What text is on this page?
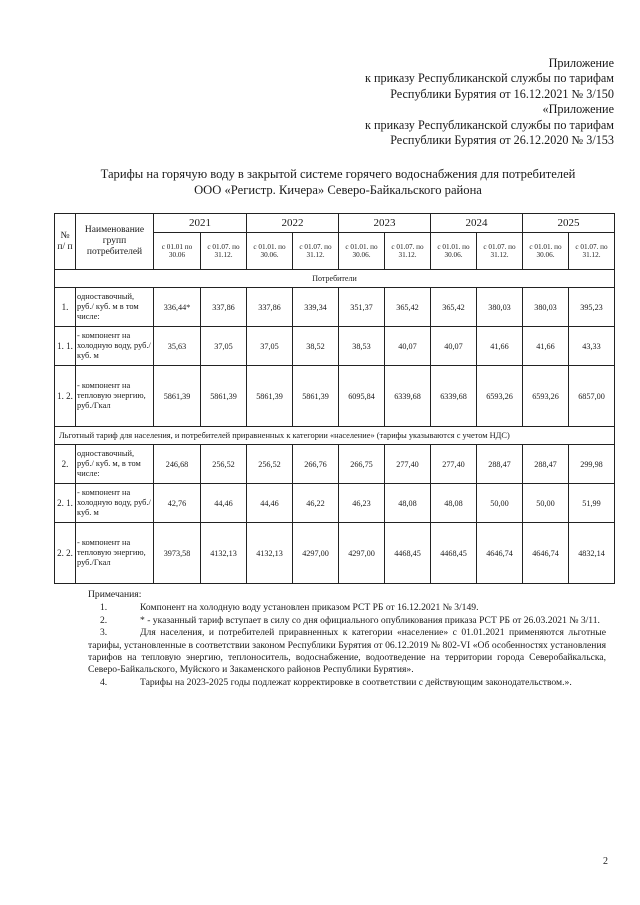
Приложение
к приказу Республиканской службы по тарифам
Республики Бурятия от 16.12.2021 № 3/150
«Приложение
к приказу Республиканской службы по тарифам
Республики Бурятия от 26.12.2020 № 3/153
Тарифы на горячую воду в закрытой системе горячего водоснабжения для потребителей
ООО «Регистр. Кичера» Северо-Байкальского района
№ п/ п	Наименование групп потребителей	2021		2022		2023		2024		2025	
		с 01.01 по 30.06	с 01.07. по 31.12.	с 01.01. по 30.06.	с 01.07. по 31.12.	с 01.01. по 30.06.	с 01.07. по 31.12.	с 01.01. по 30.06.	с 01.07. по 31.12.	с 01.01. по 30.06.	с 01.07. по 31.12.
Потребители											
1.	одноставочный, руб./ куб. м в том числе:	336,44*	337,86	337,86	339,34	351,37	365,42	365,42	380,03	380,03	395,23
1. 1.	- компонент на холодную воду, руб./ куб. м	35,63	37,05	37,05	38,52	38,53	40,07	40,07	41,66	41,66	43,33
1. 2.	- компонент на тепловую энергию, руб./Гкал	5861,39	5861,39	5861,39	5861,39	6095,84	6339,68	6339,68	6593,26	6593,26	6857,00
Льготный тариф для населения, и потребителей приравненных к категории «население» (тарифы указываются с учетом НДС)											
2.	одноставочный, руб./ куб. м, в том числе:	246,68	256,52	256,52	266,76	266,75	277,40	277,40	288,47	288,47	299,98
2. 1.	- компонент на холодную воду, руб./ куб. м	42,76	44,46	44,46	46,22	46,23	48,08	48,08	50,00	50,00	51,99
2. 2.	- компонент на тепловую энергию, руб./Гкал	3973,58	4132,13	4132,13	4297,00	4297,00	4468,45	4468,45	4646,74	4646,74	4832,14
Примечания:

1.	Компонент на холодную воду установлен приказом РСТ РБ от 16.12.2021 № 3/149.

2.	* - указанный тариф вступает в силу со дня официального опубликования приказа РСТ РБ от 26.03.2021 № 3/11.

3.	Для населения, и потребителей приравненных к категории «население» с 01.01.2021 применяются льготные тарифы, установленные в соответствии законом Республики Бурятия от 06.12.2019 № 802-VI «Об особенностях установления тарифов на тепловую энергию, теплоноситель, водоснабжение, водоотведение на территории города Северобайкальска, Северо-Байкальского, Муйского и Закаменского районов Республики Бурятия».

4.	Тарифы на 2023-2025 годы подлежат корректировке в соответствии с действующим законодательством.».

2
